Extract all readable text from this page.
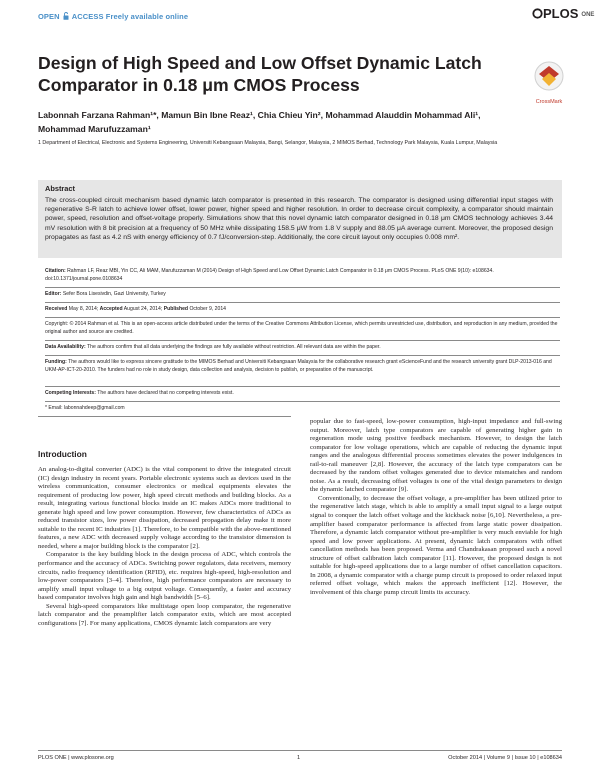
OPEN ACCESS Freely available online	PLOS ONE
Design of High Speed and Low Offset Dynamic Latch Comparator in 0.18 μm CMOS Process
CrossMark
Labonnah Farzana Rahman¹*, Mamun Bin Ibne Reaz¹, Chia Chieu Yin², Mohammad Alauddin Mohammad Ali¹, Mohammad Marufuzzaman¹
1 Department of Electrical, Electronic and Systems Engineering, Universiti Kebangsaan Malaysia, Bangi, Selangor, Malaysia, 2 MIMOS Berhad, Technology Park Malaysia, Kuala Lumpur, Malaysia
Abstract
The cross-coupled circuit mechanism based dynamic latch comparator is presented in this research. The comparator is designed using differential input stages with regenerative S-R latch to achieve lower offset, lower power, higher speed and higher resolution. In order to decrease circuit complexity, a comparator should maintain power, speed, resolution and offset-voltage properly. Simulations show that this novel dynamic latch comparator designed in 0.18 μm CMOS technology achieves 3.44 mV resolution with 8 bit precision at a frequency of 50 MHz while dissipating 158.5 μW from 1.8 V supply and 88.05 μA average current. Moreover, the proposed design propagates as fast as 4.2 nS with energy efficiency of 0.7 fJ/conversion-step. Additionally, the core circuit layout only occupies 0.008 mm².
Citation: Rahman LF, Reaz MBI, Yin CC, Ali MAM, Marufuzzaman M (2014) Design of High Speed and Low Offset Dynamic Latch Comparator in 0.18 μm CMOS Process. PLoS ONE 9(10): e108634. doi:10.1371/journal.pone.0108634
Editor: Sefer Bora Lisesivdin, Gazi University, Turkey
Received May 8, 2014; Accepted August 24, 2014; Published October 9, 2014
Copyright: © 2014 Rahman et al. This is an open-access article distributed under the terms of the Creative Commons Attribution License, which permits unrestricted use, distribution, and reproduction in any medium, provided the original author and source are credited.
Data Availability: The authors confirm that all data underlying the findings are fully available without restriction. All relevant data are within the paper.
Funding: The authors would like to express sincere gratitude to the MIMOS Berhad and Universiti Kebangsaan Malaysia for the collaborative research grant eScienceFund and the research university grant DLP-2013-016 and UKM-AP-ICT-20-2010. The funders had no role in study design, data collection and analysis, decision to publish, or preparation of the manuscript.
Competing Interests: The authors have declared that no competing interests exist.
* Email: labonnahdeep@gmail.com
Introduction

An analog-to-digital converter (ADC) is the vital component to drive the integrated circuit (IC) design industry in recent years. Portable electronic systems such as devices used in the wireless communication, consumer electronics or medical equipments elevates the requirement of producing low power, high speed circuit methods and building blocks. As a result, integrating various functional blocks inside an IC makes ADCs more traditional to generate high speed and low power consumption. However, few characteristics of ADCs as reduced transistor sizes, low power dissipation, decreased propagation delay make it more suitable to the recent IC industries [1]. Therefore, to be compatible with the above-mentioned features, a new ADC with decreased supply voltage according to the transistor dimension is needed, where a major building block is the comparator [2].

Comparator is the key building block in the design process of ADC, which controls the performance and the accuracy of ADCs. Switching power regulators, data receivers, memory circuits, radio frequency identification (RFID), etc. requires high-speed, high-resolution and low-power comparators [3–4]. Therefore, high performance comparators are necessary to amplify small input voltage to a big output voltage. Consequently, a faster and accuracy based comparator involves high gain and high bandwidth [5–6].

Several high-speed comparators like multistage open loop comparator, the regenerative latch comparator and the preamplifier latch comparator exits, which are most accepted configurations [7]. For many applications, CMOS dynamic latch comparators are very

popular due to fast-speed, low-power consumption, high-input impedance and full-swing output. Moreover, latch type comparators are capable of generating higher gain in regeneration mode using positive feedback mechanism. However, to design the latch comparator for low voltage operations, which are capable of reducing the dynamic input ranges and the analogous differential process sometimes elevates the power indulgences in rail-to-rail maneuver [2,8]. However, the accuracy of the latch type comparators can be decreased by the random offset voltages generated due to device mismatches and random noise. As a result, decreasing offset voltages is one of the vital design parameters to design the dynamic latched comparator [9].

Conventionally, to decrease the offset voltage, a pre-amplifier has been utilized prior to the regenerative latch stage, which is able to amplify a small input signal to a large output signal to conquer the latch offset voltage and the kickback noise [6,10]. Nevertheless, a pre-amplifier based comparator performance is affected from large static power dissipation. Therefore, a dynamic latch comparator without pre-amplifier is very much enviable for high speed and low power applications. At present, dynamic latch comparators with offset cancellation methods has been proposed. Verma and Chandrakasan proposed such a novel structure of offset calibration latch comparator [11]. However, the proposed design is not suitable for high-speed applications due to a large number of offset cancellation capacitors. In 2008, a dynamic comparator with a charge pump circuit is proposed to order relaxed input referred offset voltage, which makes the approach inefficient [12]. However, the involvement of this charge pump circuit limits its accuracy.

PLOS ONE | www.plosone.org	1	October 2014 | Volume 9 | Issue 10 | e108634
